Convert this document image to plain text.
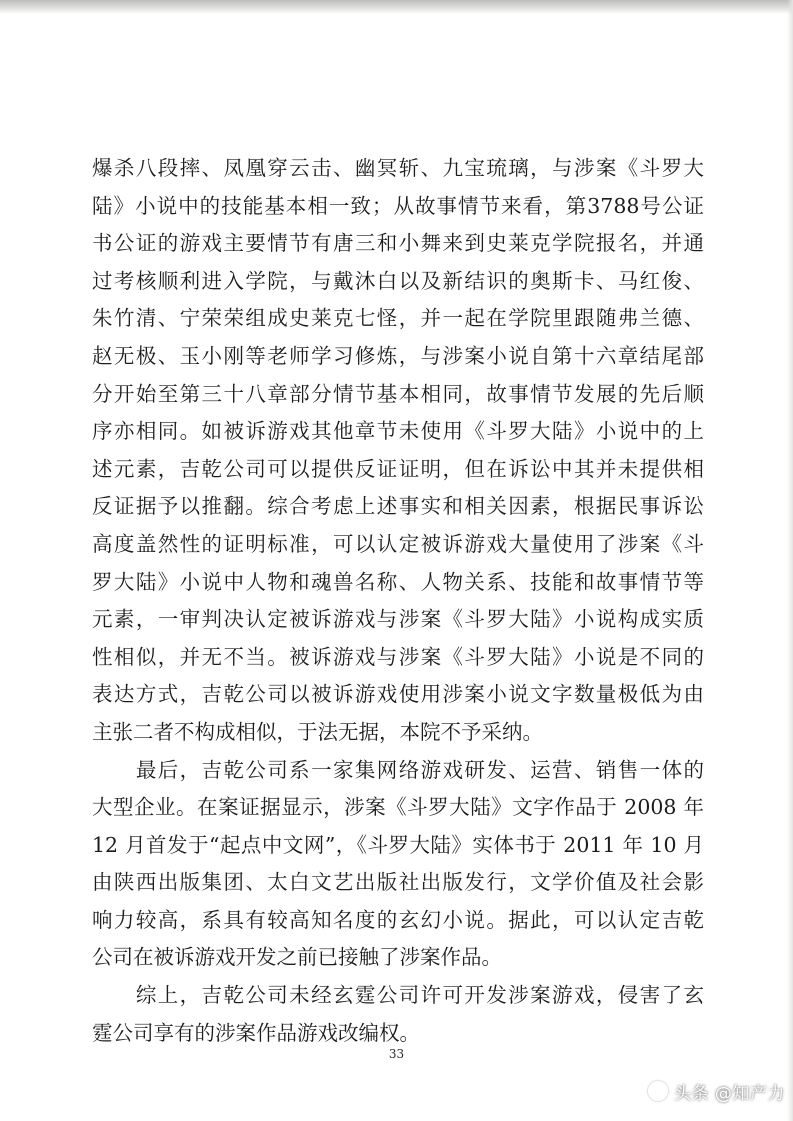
爆杀八段摔、凤凰穿云击、幽冥斩、九宝琉璃，与涉案《斗罗大
陆》小说中的技能基本相一致；从故事情节来看，第3788号公证
书公证的游戏主要情节有唐三和小舞来到史莱克学院报名，并通
过考核顺利进入学院，与戴沐白以及新结识的奥斯卡、马红俊、
朱竹清、宁荣荣组成史莱克七怪，并一起在学院里跟随弗兰德、
赵无极、玉小刚等老师学习修炼，与涉案小说自第十六章结尾部
分开始至第三十八章部分情节基本相同，故事情节发展的先后顺
序亦相同。如被诉游戏其他章节未使用《斗罗大陆》小说中的上
述元素，吉乾公司可以提供反证证明，但在诉讼中其并未提供相
反证据予以推翻。综合考虑上述事实和相关因素，根据民事诉讼
高度盖然性的证明标准，可以认定被诉游戏大量使用了涉案《斗
罗大陆》小说中人物和魂兽名称、人物关系、技能和故事情节等
元素，一审判决认定被诉游戏与涉案《斗罗大陆》小说构成实质
性相似，并无不当。被诉游戏与涉案《斗罗大陆》小说是不同的
表达方式，吉乾公司以被诉游戏使用涉案小说文字数量极低为由
主张二者不构成相似，于法无据，本院不予采纳。
　　最后，吉乾公司系一家集网络游戏研发、运营、销售一体的
大型企业。在案证据显示，涉案《斗罗大陆》文字作品于 2008 年
12 月首发于“起点中文网”，《斗罗大陆》实体书于 2011 年 10 月
由陕西出版集团、太白文艺出版社出版发行，文学价值及社会影
响力较高，系具有较高知名度的玄幻小说。据此，可以认定吉乾
公司在被诉游戏开发之前已接触了涉案作品。
　　综上，吉乾公司未经玄霆公司许可开发涉案游戏，侵害了玄
霆公司享有的涉案作品游戏改编权。
33
头条 @知产力
